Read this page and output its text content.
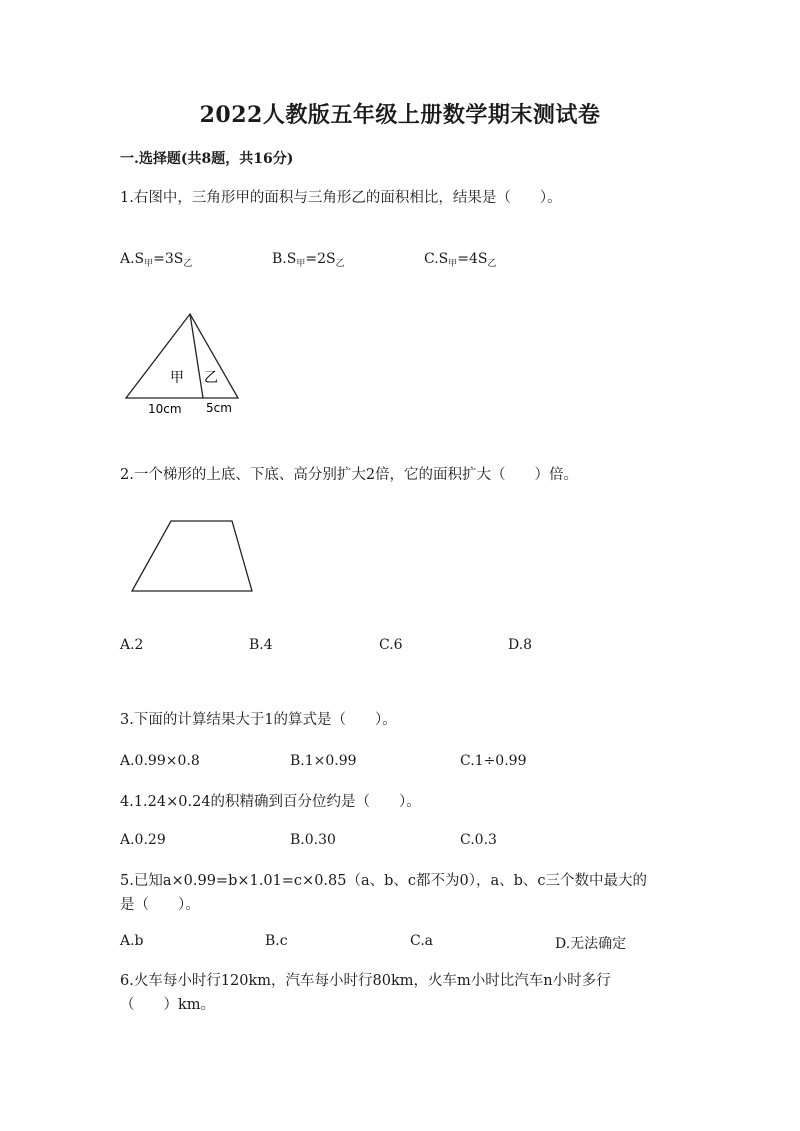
2022人教版五年级上册数学期末测试卷
一.选择题(共8题，共16分)
1.右图中，三角形甲的面积与三角形乙的面积相比，结果是（　　）。
$A.S_甲=3S_乙$	$B.S_甲=2S_乙$	$C.S_甲=4S_乙$
甲 乙
10cm 5cm
2.一个梯形的上底、下底、高分别扩大2倍，它的面积扩大（　　）倍。
A.2	B.4	C.6	D.8
3.下面的计算结果大于1的算式是（　　）。
A.0.99×0.8	B.1×0.99	C.1÷0.99
4.1.24×0.24的积精确到百分位约是（　　）。
A.0.29	B.0.30	C.0.3
5.已知a×0.99=b×1.01=c×0.85（a、b、c都不为0），a、b、c三个数中最大的是（　　）。
A.b	B.c	C.a	D.无法确定
6.火车每小时行120km，汽车每小时行80km，火车m小时比汽车n小时多行（　　）km。
